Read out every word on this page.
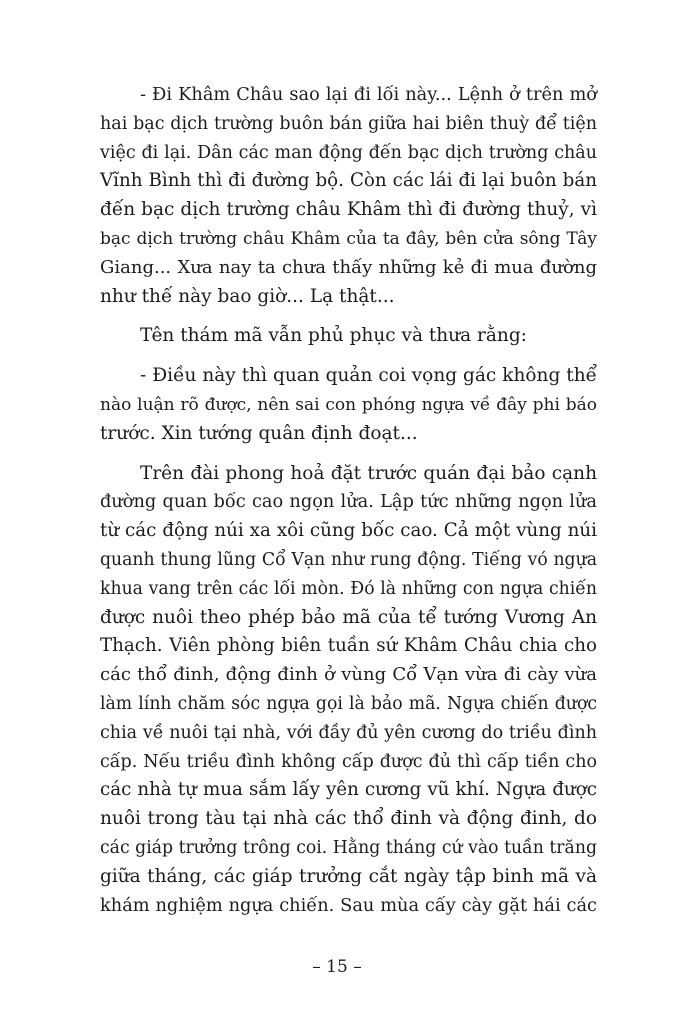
- Đi Khâm Châu sao lại đi lối này... Lệnh ở trên mở
hai bạc dịch trường buôn bán giữa hai biên thuỳ để tiện
việc đi lại. Dân các man động đến bạc dịch trường châu
Vĩnh Bình thì đi đường bộ. Còn các lái đi lại buôn bán
đến bạc dịch trường châu Khâm thì đi đường thuỷ, vì
bạc dịch trường châu Khâm của ta đây, bên cửa sông Tây
Giang... Xưa nay ta chưa thấy những kẻ đi mua đường
như thế này bao giờ... Lạ thật...
Tên thám mã vẫn phủ phục và thưa rằng:
- Điều này thì quan quản coi vọng gác không thể
nào luận rõ được, nên sai con phóng ngựa về đây phi báo
trước. Xin tướng quân định đoạt...
Trên đài phong hoả đặt trước quán đại bảo cạnh
đường quan bốc cao ngọn lửa. Lập tức những ngọn lửa
từ các động núi xa xôi cũng bốc cao. Cả một vùng núi
quanh thung lũng Cổ Vạn như rung động. Tiếng vó ngựa
khua vang trên các lối mòn. Đó là những con ngựa chiến
được nuôi theo phép bảo mã của tể tướng Vương An
Thạch. Viên phòng biên tuần sứ Khâm Châu chia cho
các thổ đinh, động đinh ở vùng Cổ Vạn vừa đi cày vừa
làm lính chăm sóc ngựa gọi là bảo mã. Ngựa chiến được
chia về nuôi tại nhà, với đầy đủ yên cương do triều đình
cấp. Nếu triều đình không cấp được đủ thì cấp tiền cho
các nhà tự mua sắm lấy yên cương vũ khí. Ngựa được
nuôi trong tàu tại nhà các thổ đinh và động đinh, do
các giáp trưởng trông coi. Hằng tháng cứ vào tuần trăng
giữa tháng, các giáp trưởng cắt ngày tập binh mã và
khám nghiệm ngựa chiến. Sau mùa cấy cày gặt hái các
– 15 –
